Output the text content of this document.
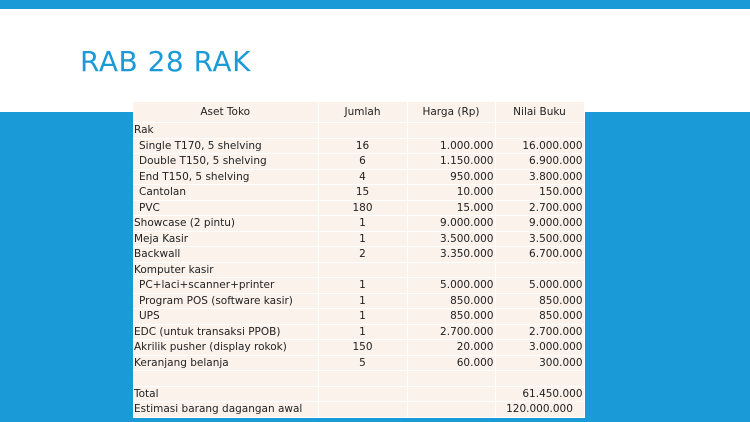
RAB 28 RAK
Aset Toko	Jumlah	Harga (Rp)	Nilai Buku
Rak			
Single T170, 5 shelving	16	1.000.000	16.000.000
Double T150, 5 shelving	6	1.150.000	6.900.000
End T150, 5 shelving	4	950.000	3.800.000
Cantolan	15	10.000	150.000
PVC	180	15.000	2.700.000
Showcase (2 pintu)	1	9.000.000	9.000.000
Meja Kasir	1	3.500.000	3.500.000
Backwall	2	3.350.000	6.700.000
Komputer kasir			
PC+laci+scanner+printer	1	5.000.000	5.000.000
Program POS (software kasir)	1	850.000	850.000
UPS	1	850.000	850.000
EDC (untuk transaksi PPOB)	1	2.700.000	2.700.000
Akrilik pusher (display rokok)	150	20.000	3.000.000
Keranjang belanja	5	60.000	300.000

Total			61.450.000
Estimasi barang dagangan awal			120.000.000
